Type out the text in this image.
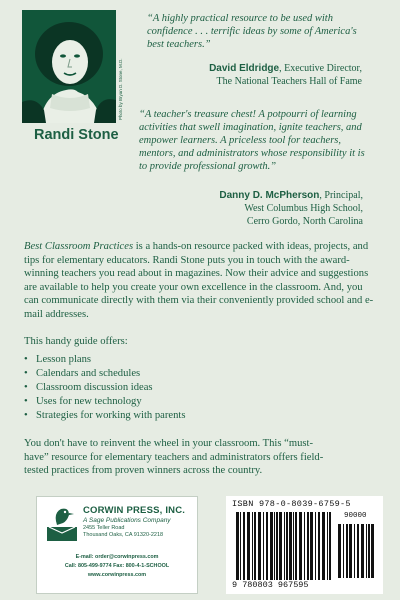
Photo by Bryan D. Stone, M.D.
Randi Stone
“A highly practical resource to be used with confidence . . . terrific ideas by some of America's best teachers.”
David Eldridge, Executive Director,
The National Teachers Hall of Fame
“A teacher's treasure chest! A potpourri of learning activities that swell imagination, ignite teachers, and empower learners. A priceless tool for teachers, mentors, and administrators whose responsibility it is to provide professional growth.”
Danny D. McPherson, Principal,
West Columbus High School,
Cerro Gordo, North Carolina
Best Classroom Practices is a hands-on resource packed with ideas, projects, and tips for elementary educators. Randi Stone puts you in touch with the award-winning teachers you read about in magazines. Now their advice and suggestions are available to help you create your own excellence in the classroom. And, you can communicate directly with them via their conveniently provided school and e-mail addresses.
This handy guide offers:
• Lesson plans
• Calendars and schedules
• Classroom discussion ideas
• Uses for new technology
• Strategies for working with parents
You don't have to reinvent the wheel in your classroom. This “must-have” resource for elementary teachers and administrators offers field-tested practices from proven winners across the country.
CORWIN PRESS, INC.
A Sage Publications Company
2455 Teller Road
Thousand Oaks, CA 91320-2218
E-mail: order@corwinpress.com
Call: 805-499-9774 Fax: 800-4-1-SCHOOL
www.corwinpress.com
ISBN 978-0-8039-6759-5
90000
9 780803 967595
